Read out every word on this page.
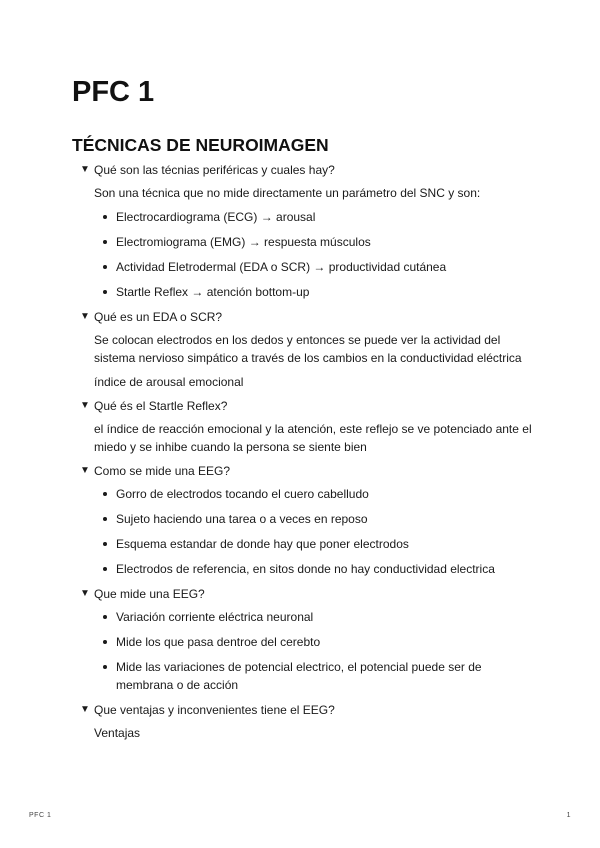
PFC 1
TÉCNICAS DE NEUROIMAGEN
▼ Qué son las técnias periféricas y cuales hay?

Son una técnica que no mide directamente un parámetro del SNC y son:

Electrocardiograma (ECG) → arousal
Electromiograma (EMG) → respuesta músculos
Actividad Eletrodermal (EDA o SCR) → productividad cutánea
Startle Reflex → atención bottom-up
▼ Qué es un EDA o SCR?

Se colocan electrodos en los dedos y entonces se puede ver la actividad del sistema nervioso simpático a través de los cambios en la conductividad eléctrica

índice de arousal emocional

▼ Qué és el Startle Reflex?

el índice de reacción emocional y la atención, este reflejo se ve potenciado ante el miedo y se inhibe cuando la persona se siente bien

▼ Como se mide una EEG?
Gorro de electrodos tocando el cuero cabelludo
Sujeto haciendo una tarea o a veces en reposo
Esquema estandar de donde hay que poner electrodos
Electrodos de referencia, en sitos donde no hay conductividad electrica
▼ Que mide una EEG?
Variación corriente eléctrica neuronal
Mide los que pasa dentroe del cerebto
Mide las variaciones de potencial electrico, el potencial puede ser de membrana o de acción
▼ Que ventajas y inconvenientes tiene el EEG?

Ventajas

PFC 1	1
